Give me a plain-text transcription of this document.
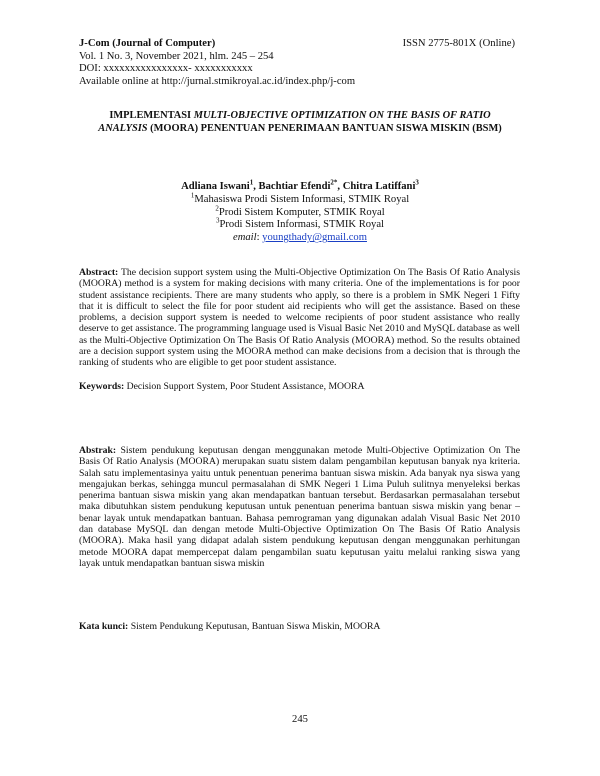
J-Com (Journal of Computer)	ISSN 2775-801X (Online)
Vol. 1 No. 3, November 2021, hlm. 245 – 254
DOI: xxxxxxxxxxxxxxxx- xxxxxxxxxxx
Available online at http://jurnal.stmikroyal.ac.id/index.php/j-com
IMPLEMENTASI MULTI-OBJECTIVE OPTIMIZATION ON THE BASIS OF RATIO ANALYSIS (MOORA) PENENTUAN PENERIMAAN BANTUAN SISWA MISKIN (BSM)
Adliana Iswani$^1$, Bachtiar Efendi$^{2*}$, Chitra Latiffani$^3$
$^1$Mahasiswa Prodi Sistem Informasi, STMIK Royal
$^2$Prodi Sistem Komputer, STMIK Royal
$^3$Prodi Sistem Informasi, STMIK Royal
email: youngthady@gmail.com
Abstract: The decision support system using the Multi-Objective Optimization On The Basis Of Ratio Analysis (MOORA) method is a system for making decisions with many criteria. One of the implementations is for poor student assistance recipients. There are many students who apply, so there is a problem in SMK Negeri 1 Fifty that it is difficult to select the file for poor student aid recipients who will get the assistance. Based on these problems, a decision support system is needed to welcome recipients of poor student assistance who really deserve to get assistance. The programming language used is Visual Basic Net 2010 and MySQL database as well as the Multi-Objective Optimization On The Basis Of Ratio Analysis (MOORA) method. So the results obtained are a decision support system using the MOORA method can make decisions from a decision that is through the ranking of students who are eligible to get poor student assistance.
Keywords: Decision Support System, Poor Student Assistance, MOORA
Abstrak: Sistem pendukung keputusan dengan menggunakan metode Multi-Objective Optimization On The Basis Of Ratio Analysis (MOORA) merupakan suatu sistem dalam pengambilan keputusan banyak nya kriteria. Salah satu implementasinya yaitu untuk penentuan penerima bantuan siswa miskin. Ada banyak nya siswa yang mengajukan berkas, sehingga muncul permasalahan di SMK Negeri 1 Lima Puluh sulitnya menyeleksi berkas penerima bantuan siswa miskin yang akan mendapatkan bantuan tersebut. Berdasarkan permasalahan tersebut maka dibutuhkan sistem pendukung keputusan untuk penentuan penerima bantuan siswa miskin yang benar – benar layak untuk mendapatkan bantuan. Bahasa pemrograman yang digunakan adalah Visual Basic Net 2010 dan database MySQL dan dengan metode Multi-Objective Optimization On The Basis Of Ratio Analysis (MOORA). Maka hasil yang didapat adalah sistem pendukung keputusan dengan menggunakan perhitungan metode MOORA dapat mempercepat dalam pengambilan suatu keputusan yaitu melalui ranking siswa yang layak untuk mendapatkan bantuan siswa miskin
Kata kunci: Sistem Pendukung Keputusan, Bantuan Siswa Miskin, MOORA
245
